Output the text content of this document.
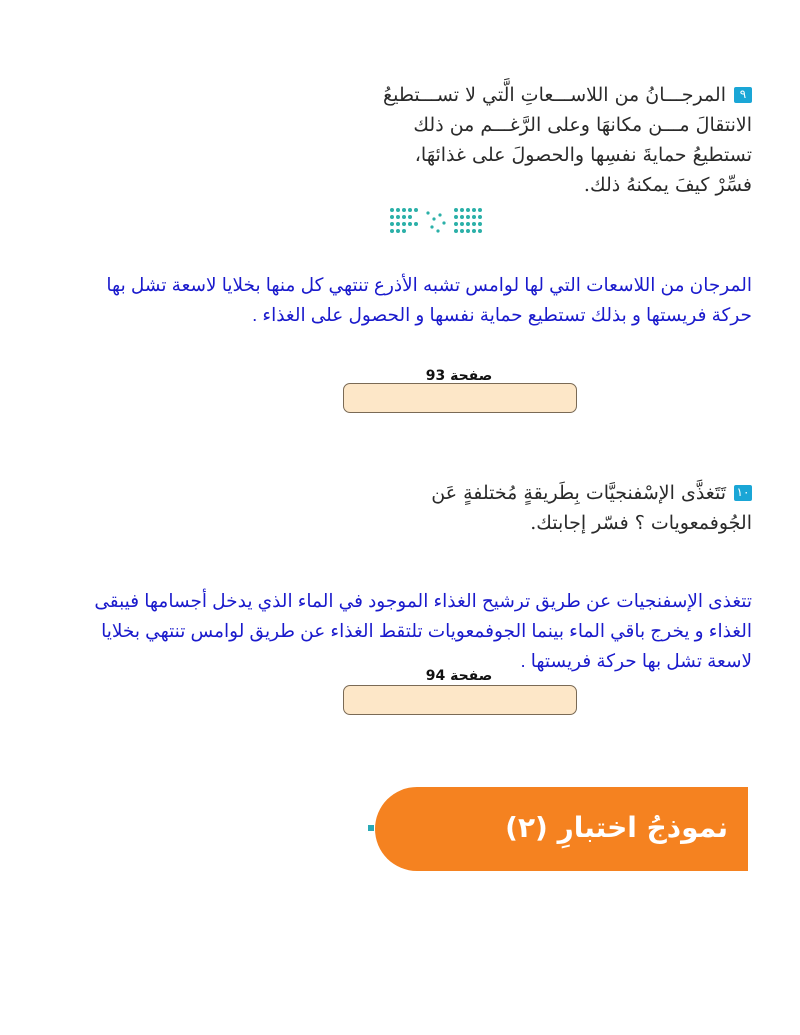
٩المرجـــانُ من اللاســـعاتِ الَّتي لا تســـتطيعُ
الانتقالَ مـــن مكانهَا وعلى الرَّغـــم من ذلك
تستطيعُ حمايةَ نفسِها والحصولَ على غذائهَا،
فسِّرْ كيفَ يمكنهُ ذلك.
المرجان من اللاسعات التي لها لوامس تشبه الأذرع تنتهي كل منها بخلايا لاسعة تشل بها
حركة فريستها و بذلك تستطيع حماية نفسها و الحصول على الغذاء .
صفحة 93
١٠تَتَغذَّى الإسْفنجيَّات بِطَريقةٍ مُختلفةٍ عَن
الجُوفمعويات ؟ فسّر إجابتك.
تتغذى الإسفنجيات عن طريق ترشيح الغذاء الموجود في الماء الذي يدخل أجسامها فيبقى
الغذاء و يخرج باقي الماء بينما الجوفمعويات تلتقط الغذاء عن طريق لوامس تنتهي بخلايا
لاسعة تشل بها حركة فريستها .
صفحة 94
نموذجُ اختبارِ (٢)
